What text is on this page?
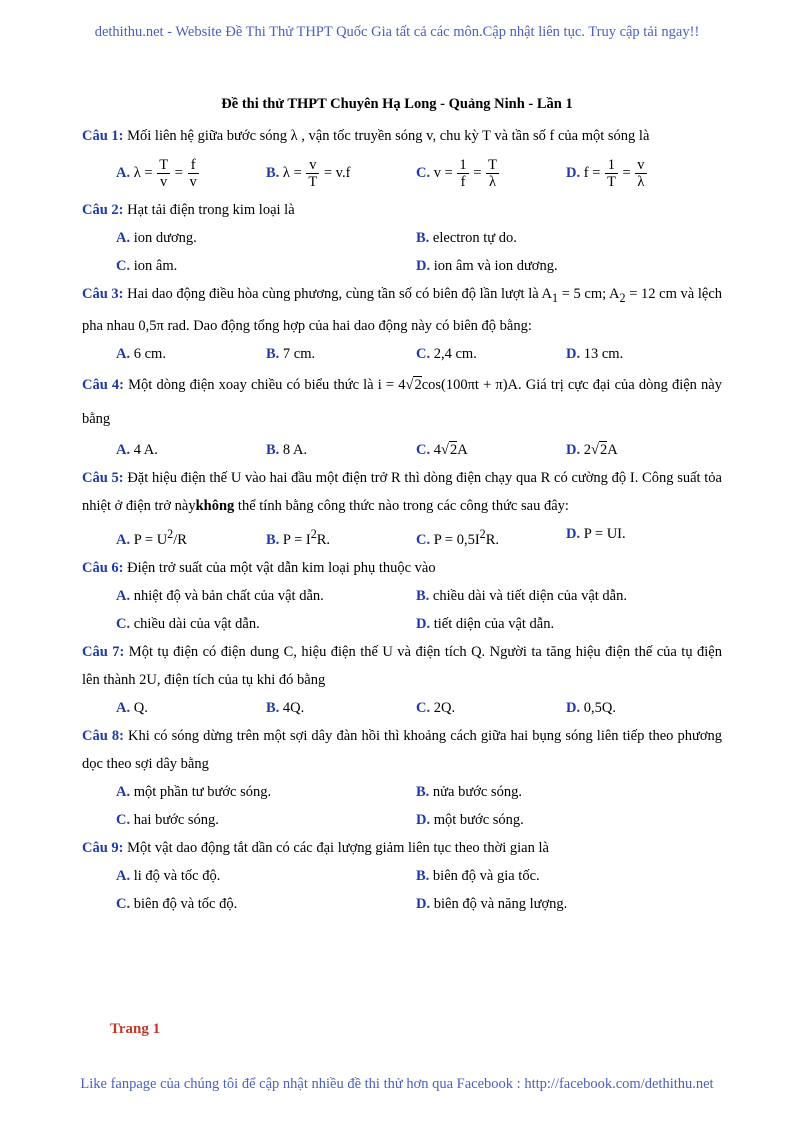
dethithu.net - Website Đề Thi Thử THPT Quốc Gia tất cả các môn.Cập nhật liên tục. Truy cập tải ngay!!
Đề thi thử THPT Chuyên Hạ Long - Quảng Ninh - Lần 1
Câu 1: Mối liên hệ giữa bước sóng λ , vận tốc truyền sóng v, chu kỳ T và tần số f của một sóng là
A. $\lambda = \frac{T}{v} = \frac{f}{v}$	B. $\lambda = \frac{v}{T} = v.f$	C. $v = \frac{1}{f} = \frac{T}{\lambda}$	D. $f = \frac{1}{T} = \frac{v}{\lambda}$
Câu 2: Hạt tải điện trong kim loại là
A. ion dương.	B. electron tự do.
C. ion âm.	D. ion âm và ion dương.
Câu 3: Hai dao động điều hòa cùng phương, cùng tần số có biên độ lần lượt là $A_1 = 5$ cm; $A_2 = 12$ cm và lệch pha nhau 0,5π rad. Dao động tổng hợp của hai dao động này có biên độ bằng:
A. 6 cm.	B. 7 cm.	C. 2,4 cm.	D. 13 cm.
Câu 4: Một dòng điện xoay chiều có biểu thức là i = 4√2cos(100πt + π)A. Giá trị cực đại của dòng điện này bằng
A. 4 A.	B. 8 A.	C. 4√2A	D. 2√2A
Câu 5: Đặt hiệu điện thế U vào hai đầu một điện trở R thì dòng điện chạy qua R có cường độ I. Công suất tỏa nhiệt ở điện trở nàykhông thể tính bằng công thức nào trong các công thức sau đây:
A. $P = U^2/R$	B. $P = I^2R$.	C. $P = 0,5I^2R$.	D. P = UI.
Câu 6: Điện trở suất của một vật dẫn kim loại phụ thuộc vào
A. nhiệt độ và bản chất của vật dẫn.	B. chiều dài và tiết diện của vật dẫn.
C. chiều dài của vật dẫn.	D. tiết diện của vật dẫn.
Câu 7: Một tụ điện có điện dung C, hiệu điện thế U và điện tích Q. Người ta tăng hiệu điện thế của tụ điện lên thành 2U, điện tích của tụ khi đó bằng
A. Q.	B. 4Q.	C. 2Q.	D. 0,5Q.
Câu 8: Khi có sóng dừng trên một sợi dây đàn hồi thì khoảng cách giữa hai bụng sóng liên tiếp theo phương dọc theo sợi dây bằng
A. một phần tư bước sóng.	B. nửa bước sóng.
C. hai bước sóng.	D. một bước sóng.
Câu 9: Một vật dao động tắt dần có các đại lượng giảm liên tục theo thời gian là
A. li độ và tốc độ.	B. biên độ và gia tốc.
C. biên độ và tốc độ.	D. biên độ và năng lượng.
Trang 1
Like fanpage của chúng tôi để cập nhật nhiều đề thi thử hơn qua Facebook : http://facebook.com/dethithu.net
